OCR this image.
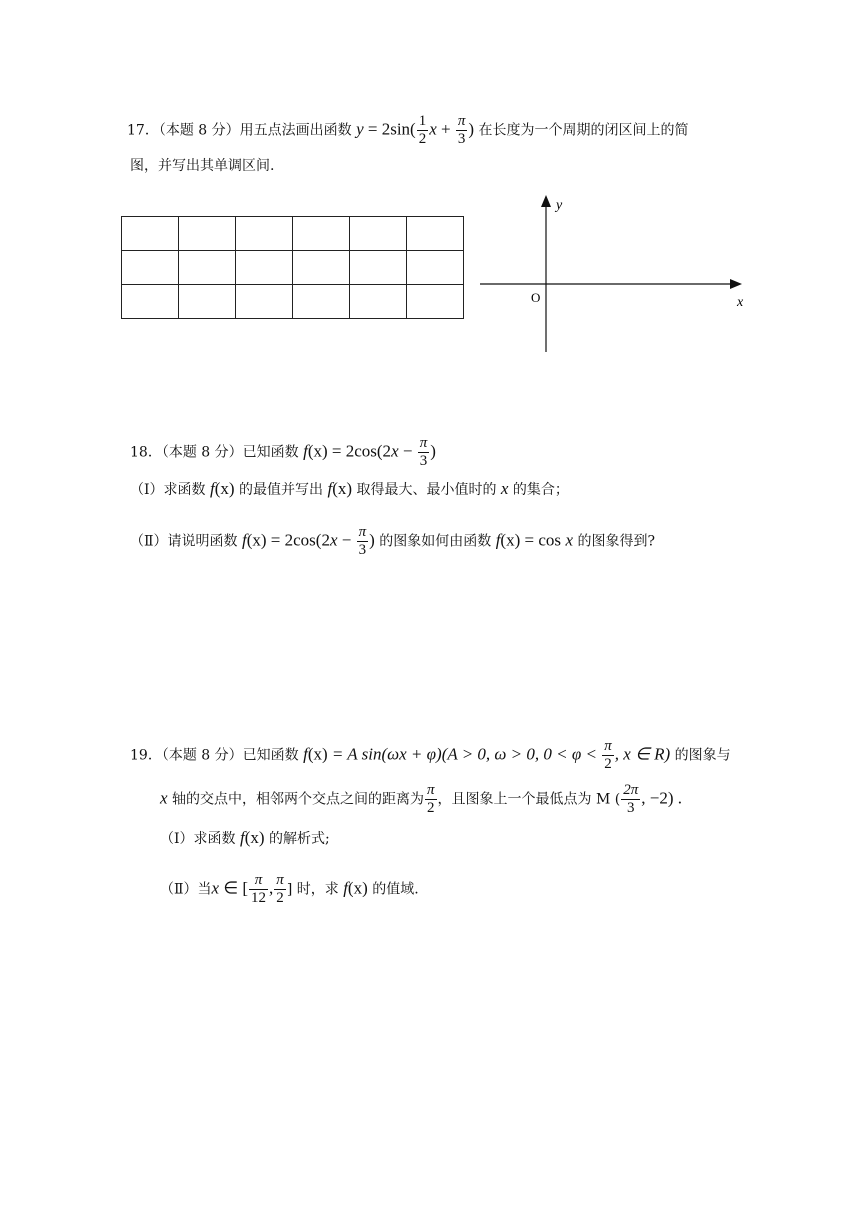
17．（本题 8 分）用五点法画出函数 $y = 2\sin( \frac{1}{2}$ $x + \frac{\pi}{3}$ ) 在长度为一个周期的闭区间上的简
图，并写出其单调区间.

y
x
O
18．（本题 8 分）已知函数 $f(x) = 2\cos(2x - \frac{\pi}{3}$ )
（Ⅰ）求函数 f(x) 的最值并写出 f(x) 取得最大、最小值时的 x 的集合；
（Ⅱ）请说明函数 $f(x) = 2\cos(2x - \frac{\pi}{3}$ ) 的图象如何由函数 f(x) = cos x 的图象得到?
19．（本题 8 分）已知函数 f(x) = A sin(ωx + φ)(A > 0, ω > 0, $0 < \varphi < \frac{\pi}{2}$ , x ∈ R) 的图象与
x 轴的交点中，相邻两个交点之间的距离为 $\frac{\pi}{2}$ ，且图象上一个最低点为 M ( $\frac{2\pi}{3}$ , −2) .
（Ⅰ）求函数 f(x) 的解析式;
（Ⅱ）当x ∈ [ $\frac{\pi}{12}$ , $\frac{\pi}{2}$ ] 时，求 f(x) 的值域.
